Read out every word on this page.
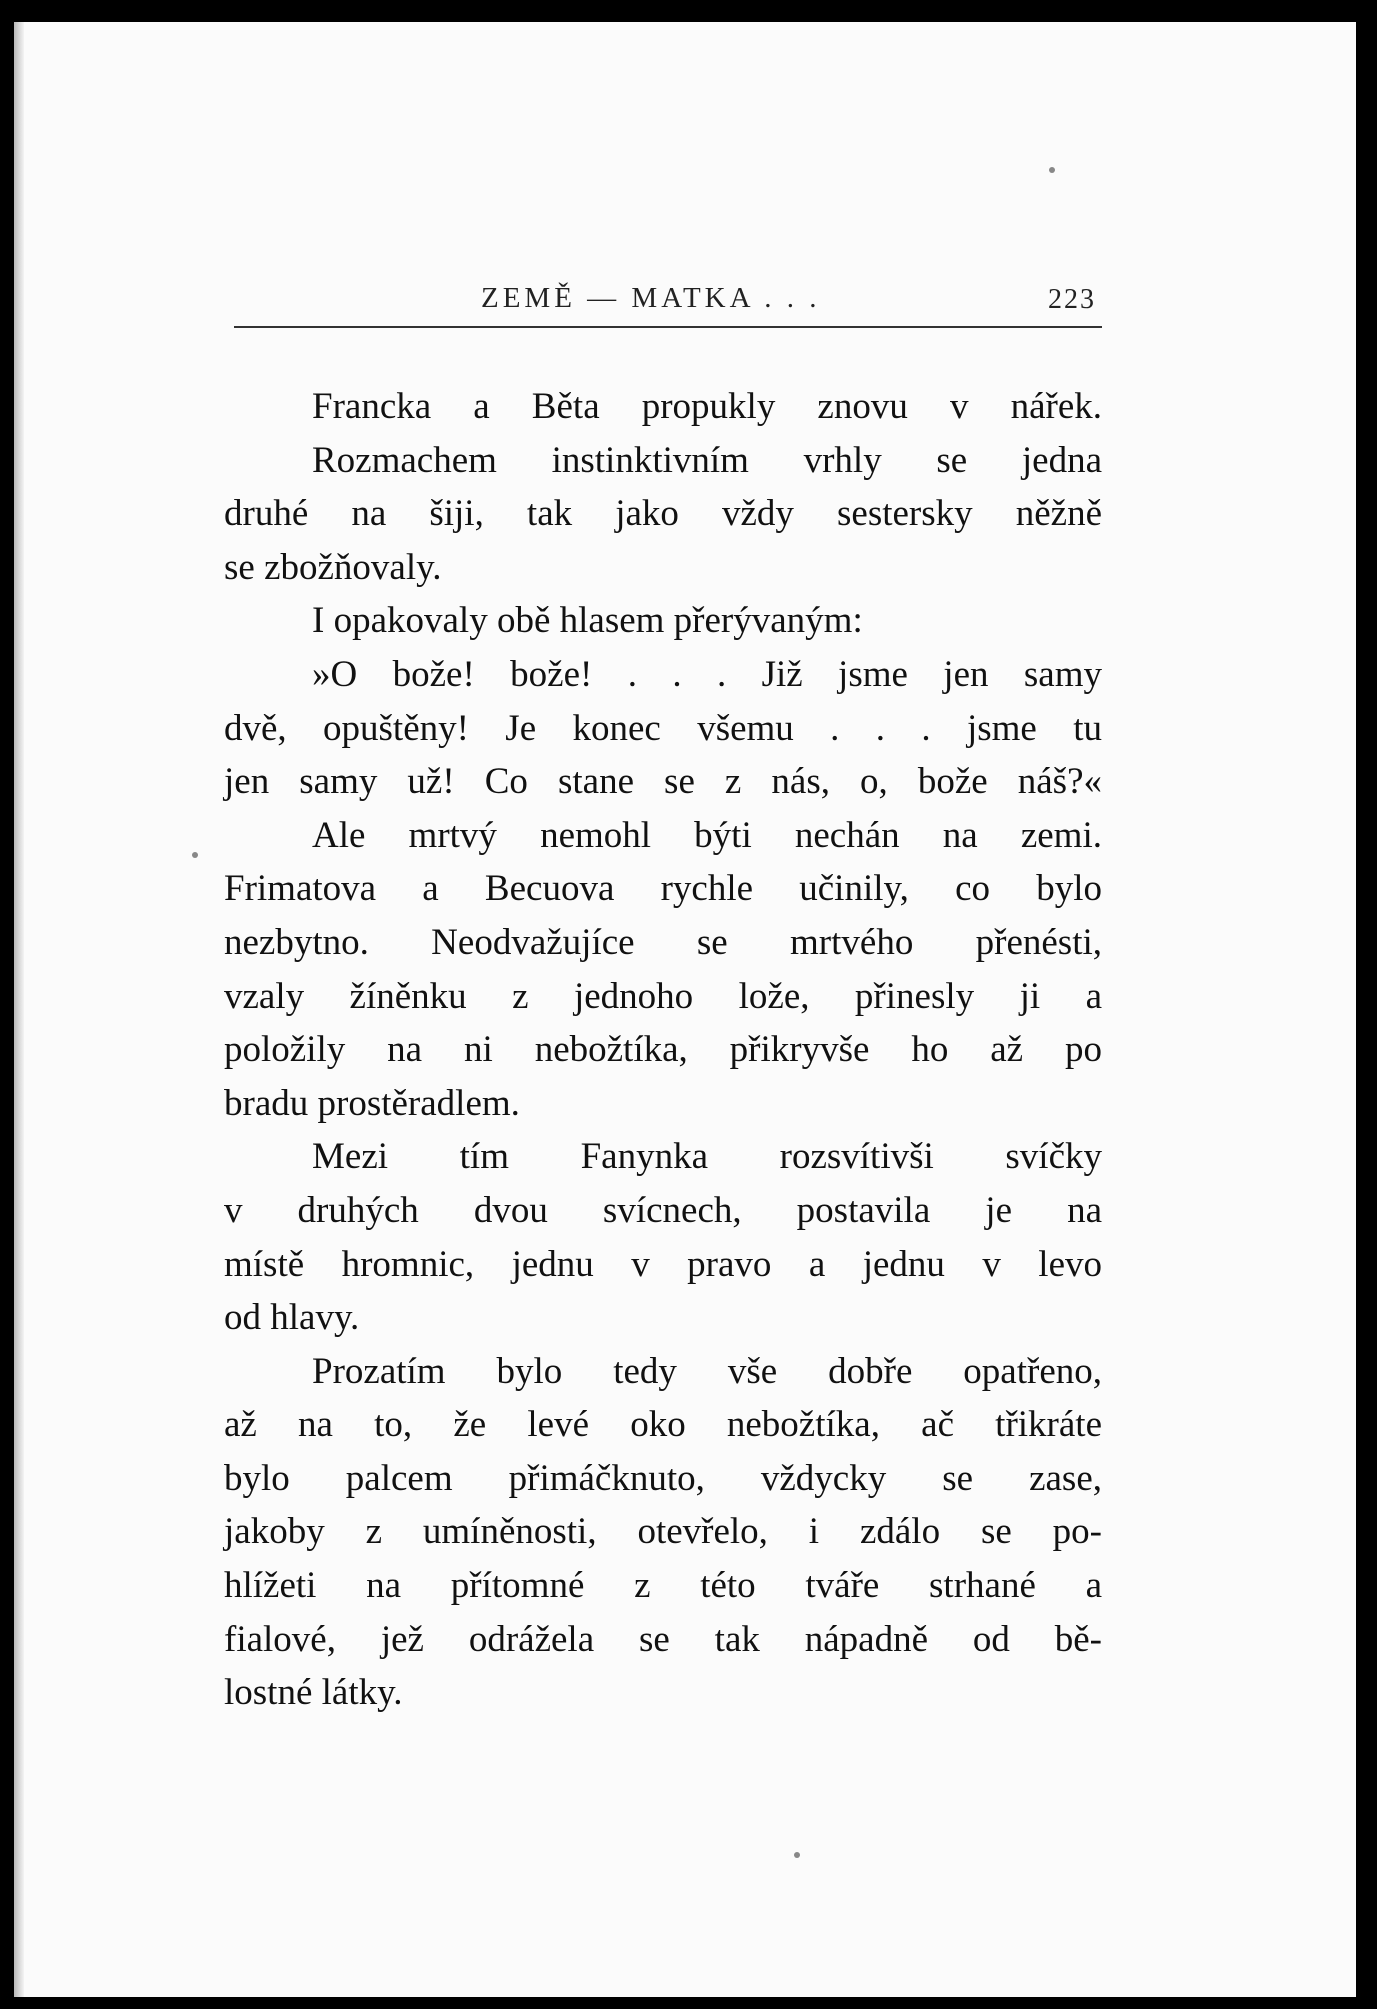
ZEMĚ — MATKA . . .	223
Francka a Běta propukly znovu v nářek.
Rozmachem instinktivním vrhly se jedna
druhé na šiji, tak jako vždy sestersky něžně
se zbožňovaly.
I opakovaly obě hlasem přerývaným:
»O bože! bože! . . . Již jsme jen samy
dvě, opuštěny! Je konec všemu . . . jsme tu
jen samy už! Co stane se z nás, o, bože náš?«
Ale mrtvý nemohl býti nechán na zemi.
Frimatova a Becuova rychle učinily, co bylo
nezbytno. Neodvažujíce se mrtvého přenésti,
vzaly žíněnku z jednoho lože, přinesly ji a
položily na ni nebožtíka, přikryvše ho až po
bradu prostěradlem.
Mezi tím Fanynka rozsvítivši svíčky
v druhých dvou svícnech, postavila je na
místě hromnic, jednu v pravo a jednu v levo
od hlavy.
Prozatím bylo tedy vše dobře opatřeno,
až na to, že levé oko nebožtíka, ač třikráte
bylo palcem přimáčknuto, vždycky se zase,
jakoby z umíněnosti, otevřelo, i zdálo se po-
hlížeti na přítomné z této tváře strhané a
fialové, jež odrážela se tak nápadně od bě-
lostné látky.
